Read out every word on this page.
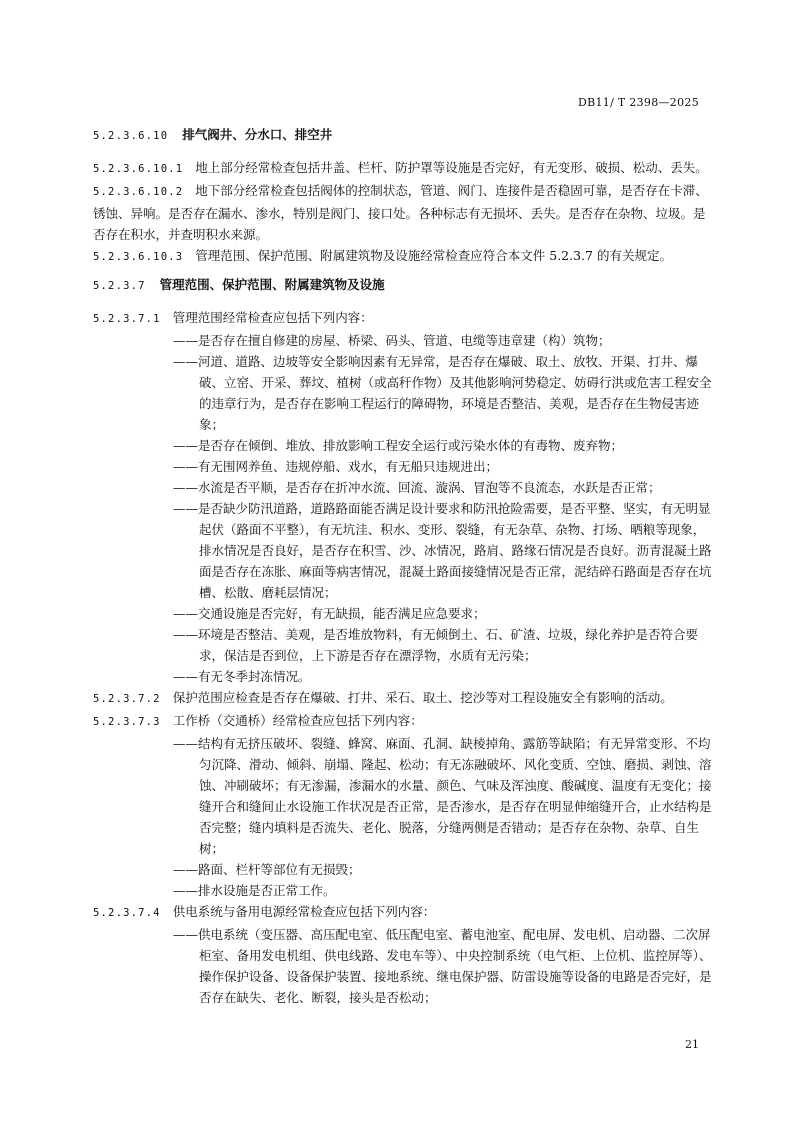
DB11/ T 2398—2025

5.2.3.6.10 排气阀井、分水口、排空井

5.2.3.6.10.1 地上部分经常检查包括井盖、栏杆、防护罩等设施是否完好，有无变形、破损、松动、丢失。

5.2.3.6.10.2 地下部分经常检查包括阀体的控制状态，管道、阀门、连接件是否稳固可靠，是否存在卡滞、锈蚀、异响。是否存在漏水、渗水，特别是阀门、接口处。各种标志有无损坏、丢失。是否存在杂物、垃圾。是否存在积水，并查明积水来源。

5.2.3.6.10.3 管理范围、保护范围、附属建筑物及设施经常检查应符合本文件 5.2.3.7 的有关规定。

5.2.3.7 管理范围、保护范围、附属建筑物及设施

5.2.3.7.1 管理范围经常检查应包括下列内容：

——是否存在擅自修建的房屋、桥梁、码头、管道、电缆等违章建（构）筑物；

——河道、道路、边坡等安全影响因素有无异常，是否存在爆破、取土、放牧、开渠、打井、爆破、立窑、开采、葬坟、植树（或高秆作物）及其他影响河势稳定、妨碍行洪或危害工程安全的违章行为，是否存在影响工程运行的障碍物，环境是否整洁、美观，是否存在生物侵害迹象；

——是否存在倾倒、堆放、排放影响工程安全运行或污染水体的有毒物、废弃物；

——有无围网养鱼、违规停船、戏水，有无船只违规进出；

——水流是否平顺，是否存在折冲水流、回流、漩涡、冒泡等不良流态，水跃是否正常；

——是否缺少防汛道路，道路路面能否满足设计要求和防汛抢险需要，是否平整、坚实，有无明显起伏（路面不平整），有无坑洼、积水、变形、裂缝，有无杂草、杂物、打场、晒粮等现象，排水情况是否良好，是否存在积雪、沙、冰情况，路肩、路缘石情况是否良好。沥青混凝土路面是否存在冻胀、麻面等病害情况，混凝土路面接缝情况是否正常，泥结碎石路面是否存在坑槽、松散、磨耗层情况；

——交通设施是否完好，有无缺损，能否满足应急要求；

——环境是否整洁、美观，是否堆放物料，有无倾倒土、石、矿渣、垃圾，绿化养护是否符合要求，保洁是否到位，上下游是否存在漂浮物，水质有无污染；

——有无冬季封冻情况。

5.2.3.7.2 保护范围应检查是否存在爆破、打井、采石、取土、挖沙等对工程设施安全有影响的活动。

5.2.3.7.3 工作桥（交通桥）经常检查应包括下列内容：

——结构有无挤压破坏、裂缝、蜂窝、麻面、孔洞、缺棱掉角、露筋等缺陷；有无异常变形、不均匀沉降、滑动、倾斜、崩塌、隆起、松动；有无冻融破坏、风化变质、空蚀、磨损、剥蚀、溶蚀、冲刷破坏；有无渗漏，渗漏水的水量、颜色、气味及浑浊度、酸碱度、温度有无变化；接缝开合和缝间止水设施工作状况是否正常，是否渗水，是否存在明显伸缩缝开合，止水结构是否完整；缝内填料是否流失、老化、脱落，分缝两侧是否错动；是否存在杂物、杂草、自生树；

——路面、栏杆等部位有无损毁；

——排水设施是否正常工作。

5.2.3.7.4 供电系统与备用电源经常检查应包括下列内容：

——供电系统（变压器、高压配电室、低压配电室、蓄电池室、配电屏、发电机、启动器、二次屏柜室、备用发电机组、供电线路、发电车等）、中央控制系统（电气柜、上位机、监控屏等）、操作保护设备、设备保护装置、接地系统、继电保护器、防雷设施等设备的电路是否完好，是否存在缺失、老化、断裂，接头是否松动；

21
